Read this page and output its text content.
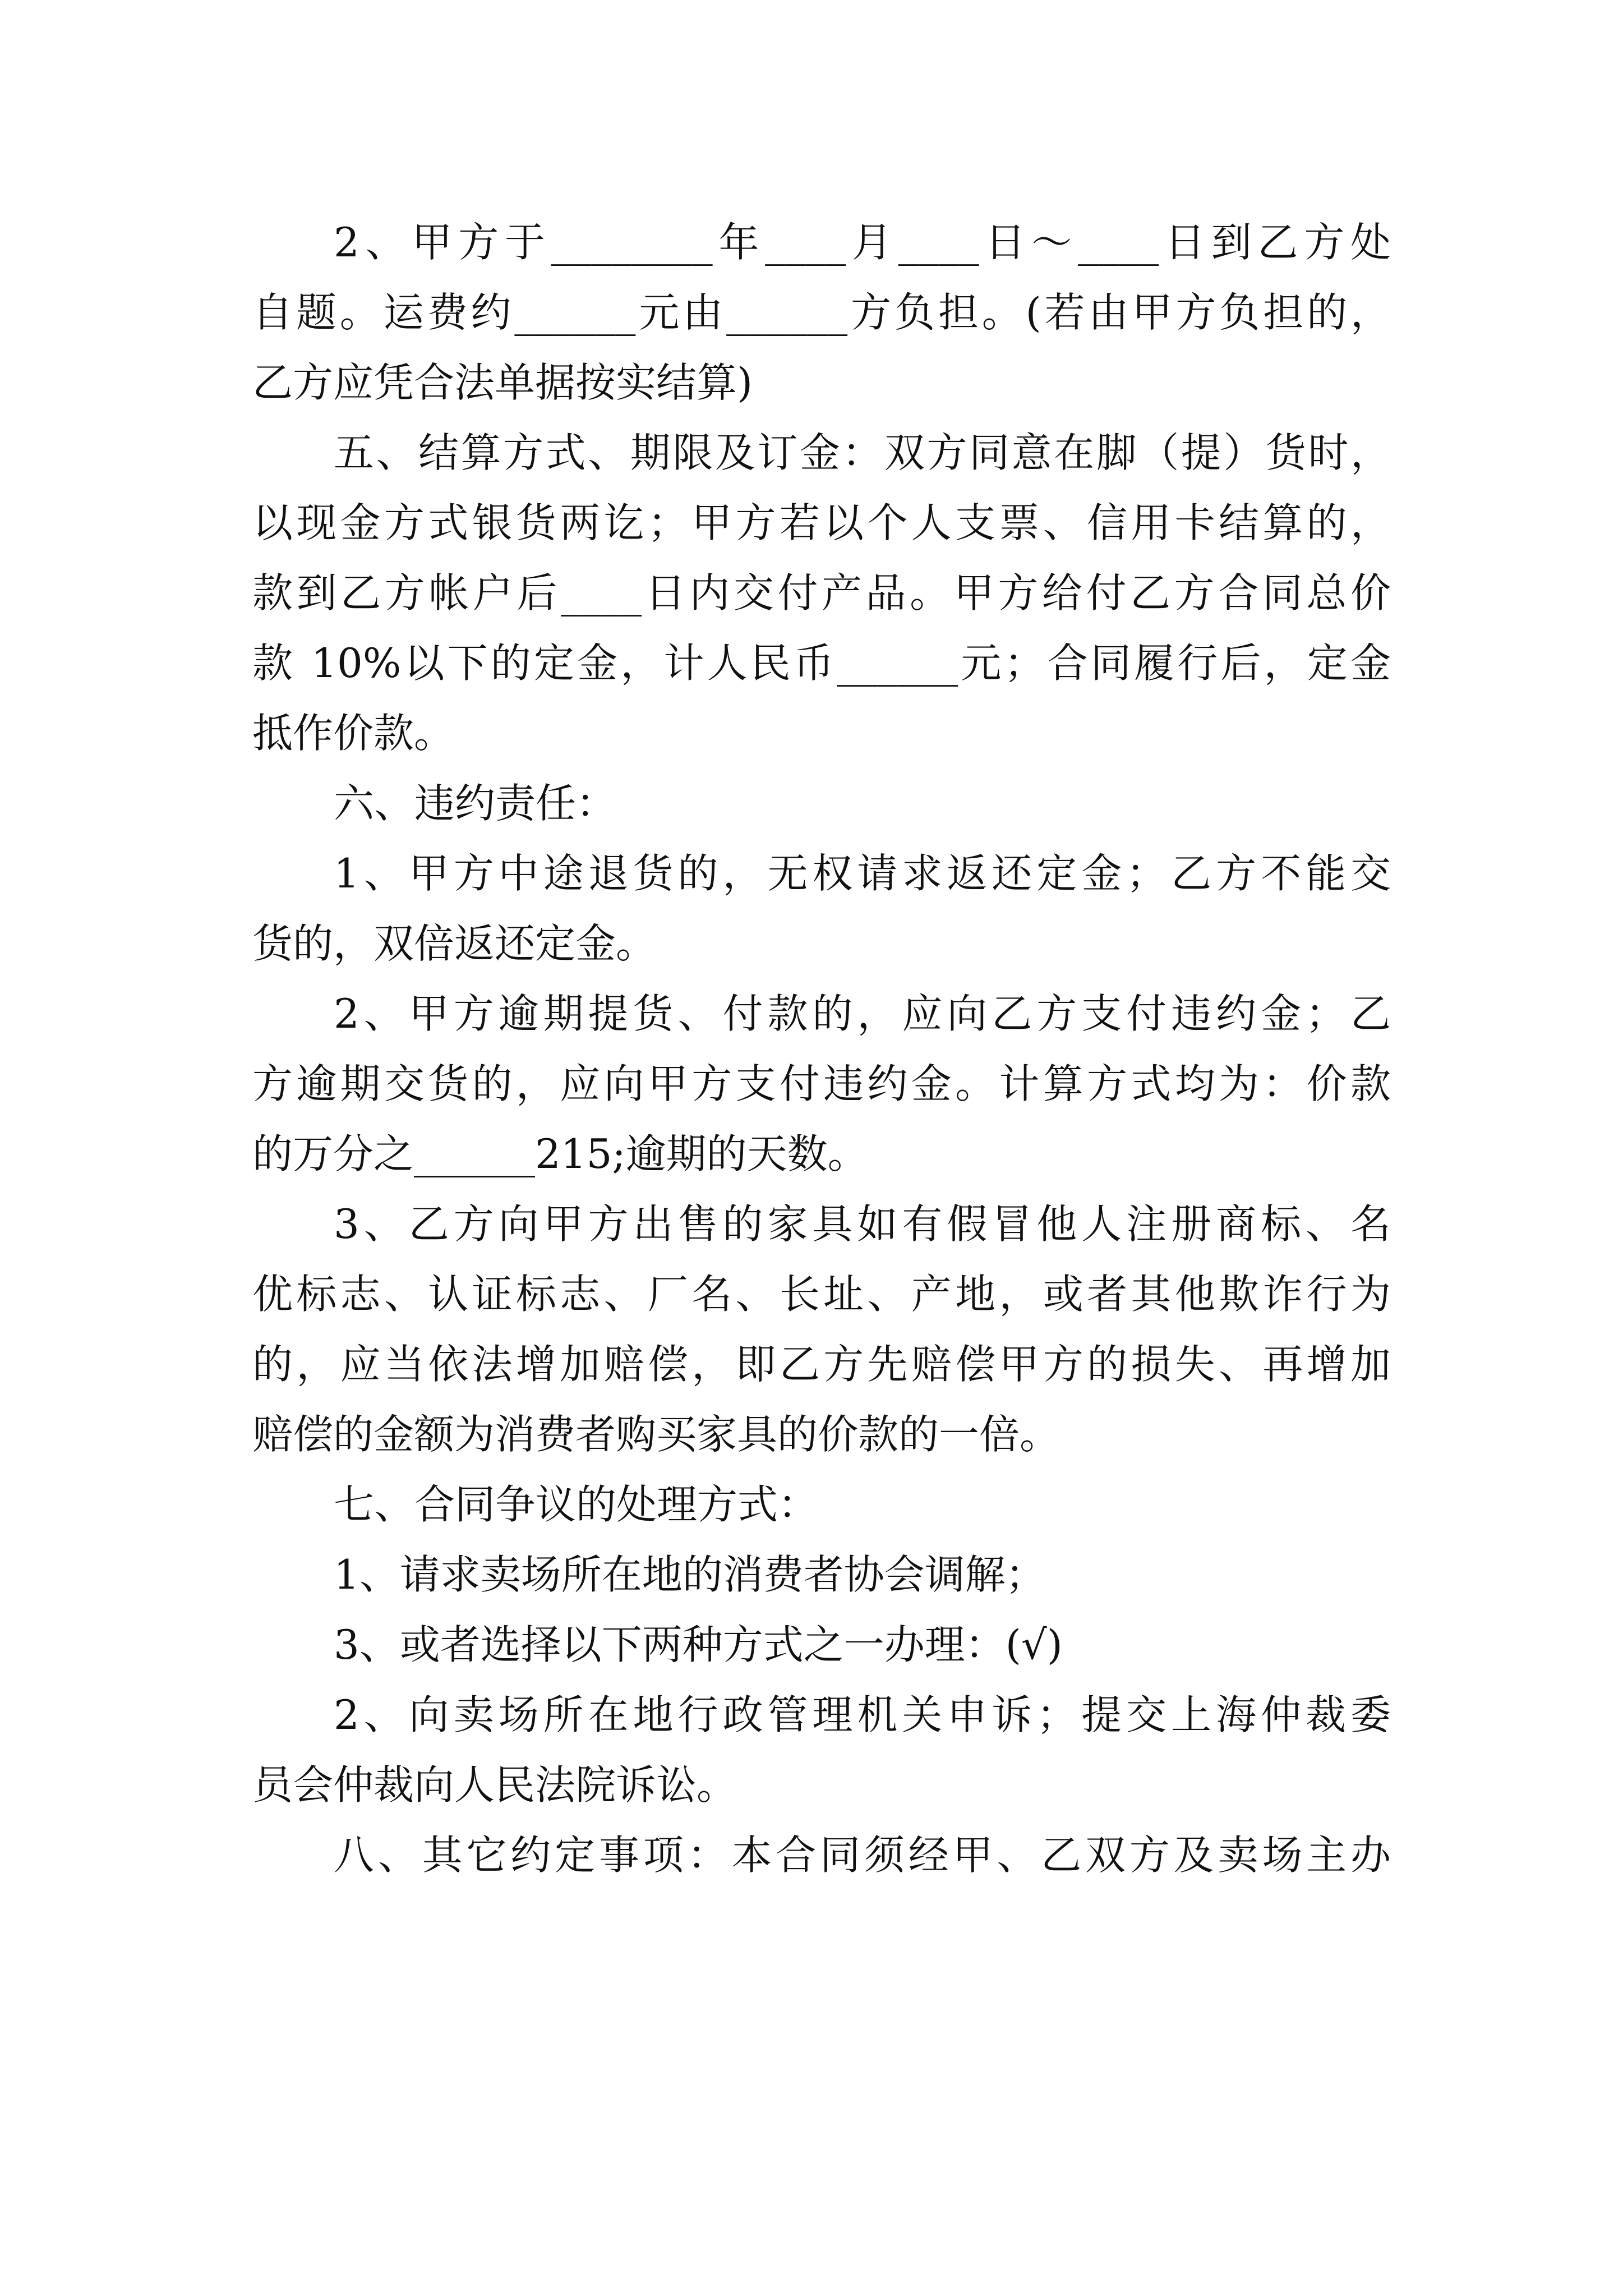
2、甲方于________年____月____日～____日到乙方处
自题。运费约______元由______方负担。(若由甲方负担的，
乙方应凭合法单据按实结算)
五、结算方式、期限及订金：双方同意在脚（提）货时，
以现金方式银货两讫；甲方若以个人支票、信用卡结算的，
款到乙方帐户后____日内交付产品。甲方给付乙方合同总价
款 10%以下的定金，计人民币______元；合同履行后，定金
抵作价款。
六、违约责任：
1、甲方中途退货的，无权请求返还定金；乙方不能交
货的，双倍返还定金。
2、甲方逾期提货、付款的，应向乙方支付违约金；乙
方逾期交货的，应向甲方支付违约金。计算方式均为：价款
的万分之______215;逾期的天数。
3、乙方向甲方出售的家具如有假冒他人注册商标、名
优标志、认证标志、厂名、长址、产地，或者其他欺诈行为
的，应当依法增加赔偿，即乙方先赔偿甲方的损失、再增加
赔偿的金额为消费者购买家具的价款的一倍。
七、合同争议的处理方式：
1、请求卖场所在地的消费者协会调解；
3、或者选择以下两种方式之一办理：(√)
2、向卖场所在地行政管理机关申诉；提交上海仲裁委
员会仲裁向人民法院诉讼。
八、其它约定事项：本合同须经甲、乙双方及卖场主办
